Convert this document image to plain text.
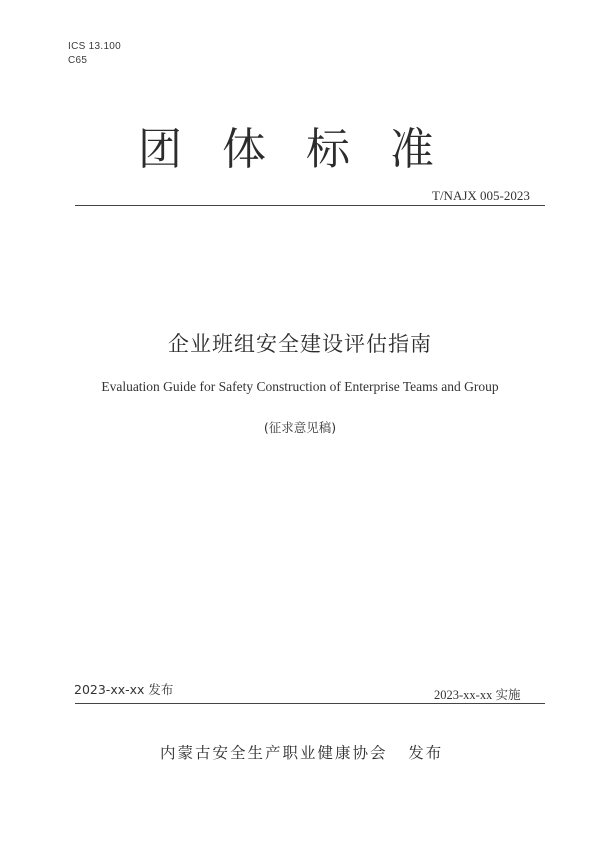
ICS 13.100
C65
团体标准
T/NAJX 005-2023
企业班组安全建设评估指南
Evaluation Guide for Safety Construction of Enterprise Teams and Group
(征求意见稿)
2023-xx-xx 发布	2023-xx-xx 实施
内蒙古安全生产职业健康协会   发布
